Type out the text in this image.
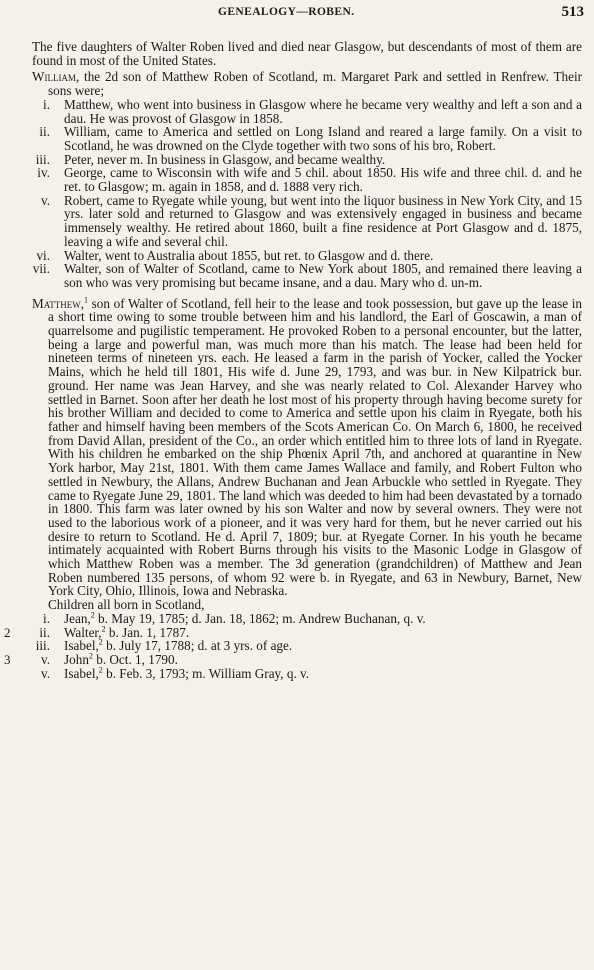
GENEALOGY—ROBEN.	513

The five daughters of Walter Roben lived and died near Glasgow, but descendants of most of them are found in most of the United States.

William, the 2d son of Matthew Roben of Scotland, m. Margaret Park and settled in Renfrew. Their sons were;

i. Matthew, who went into business in Glasgow where he became very wealthy and left a son and a dau. He was provost of Glasgow in 1858.

ii. William, came to America and settled on Long Island and reared a large family. On a visit to Scotland, he was drowned on the Clyde together with two sons of his bro, Robert.

iii. Peter, never m. In business in Glasgow, and became wealthy.

iv. George, came to Wisconsin with wife and 5 chil. about 1850. His wife and three chil. d. and he ret. to Glasgow; m. again in 1858, and d. 1888 very rich.

v. Robert, came to Ryegate while young, but went into the liquor business in New York City, and 15 yrs. later sold and returned to Glasgow and was extensively engaged in business and became immensely wealthy. He retired about 1860, built a fine residence at Port Glasgow and d. 1875, leaving a wife and several chil.

vi. Walter, went to Australia about 1855, but ret. to Glasgow and d. there.

vii. Walter, son of Walter of Scotland, came to New York about 1805, and remained there leaving a son who was very promising but became insane, and a dau. Mary who d. un-m.

Matthew,$^1$ son of Walter of Scotland, fell heir to the lease and took possession, but gave up the lease in a short time owing to some trouble between him and his landlord, the Earl of Goscawin, a man of quarrelsome and pugilistic temperament. He provoked Roben to a personal encounter, but the latter, being a large and powerful man, was much more than his match. The lease had been held for nineteen terms of nineteen yrs. each. He leased a farm in the parish of Yocker, called the Yocker Mains, which he held till 1801, His wife d. June 29, 1793, and was bur. in New Kilpatrick bur. ground. Her name was Jean Harvey, and she was nearly related to Col. Alexander Harvey who settled in Barnet. Soon after her death he lost most of his property through having become surety for his brother William and decided to come to America and settle upon his claim in Ryegate, both his father and himself having been members of the Scots American Co. On March 6, 1800, he received from David Allan, president of the Co., an order which entitled him to three lots of land in Ryegate. With his children he embarked on the ship Phœnix April 7th, and anchored at quarantine in New York harbor, May 21st, 1801. With them came James Wallace and family, and Robert Fulton who settled in Newbury, the Allans, Andrew Buchanan and Jean Arbuckle who settled in Ryegate. They came to Ryegate June 29, 1801. The land which was deeded to him had been devastated by a tornado in 1800. This farm was later owned by his son Walter and now by several owners. They were not used to the laborious work of a pioneer, and it was very hard for them, but he never carried out his desire to return to Scotland. He d. April 7, 1809; bur. at Ryegate Corner. In his youth he became intimately acquainted with Robert Burns through his visits to the Masonic Lodge in Glasgow of which Matthew Roben was a member. The 3d generation (grandchildren) of Matthew and Jean Roben numbered 135 persons, of whom 92 were b. in Ryegate, and 63 in Newbury, Barnet, New York City, Ohio, Illinois, Iowa and Nebraska.

Children all born in Scotland,

i. Jean,$^2$ b. May 19, 1785; d. Jan. 18, 1862; m. Andrew Buchanan, q. v.

2	ii. Walter,$^2$ b. Jan. 1, 1787.

iii. Isabel,$^2$ b. July 17, 1788; d. at 3 yrs. of age.

3	v. John$^2$ b. Oct. 1, 1790.

v. Isabel,$^2$ b. Feb. 3, 1793; m. William Gray, q. v.
